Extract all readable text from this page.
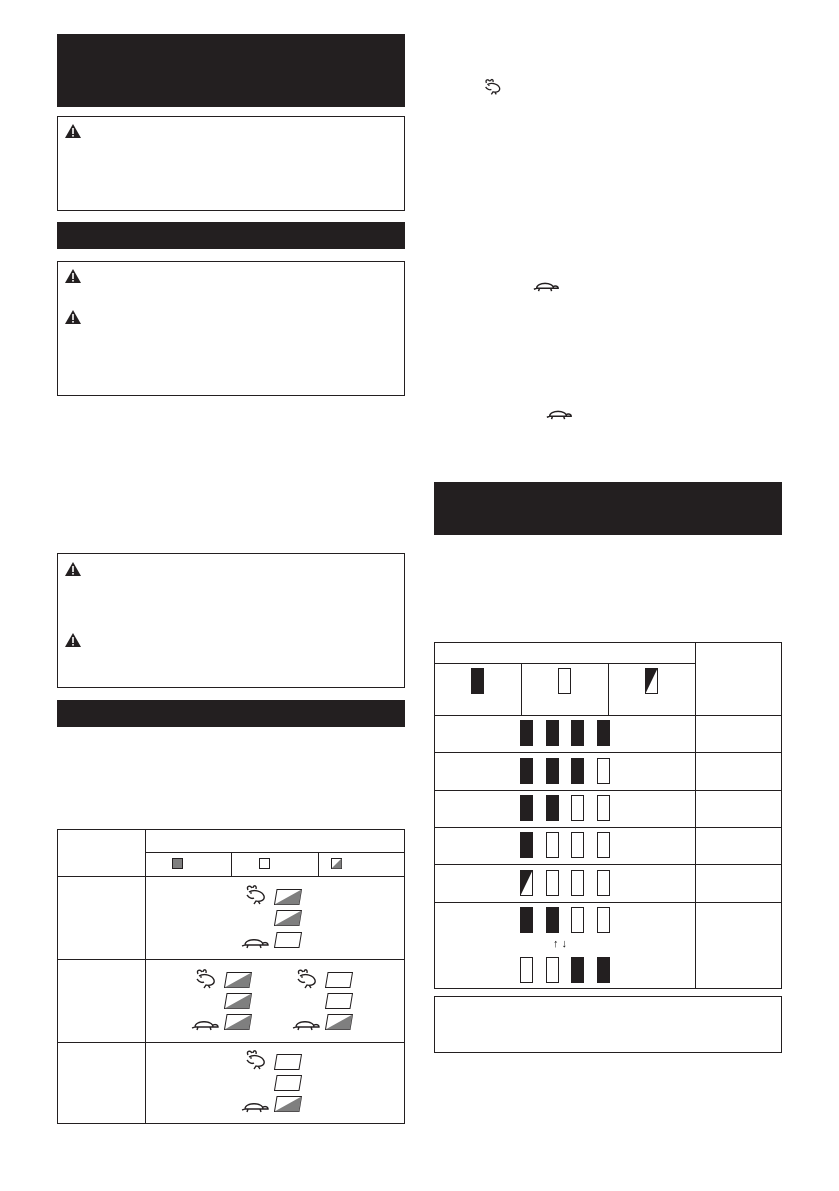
↑ ↓
